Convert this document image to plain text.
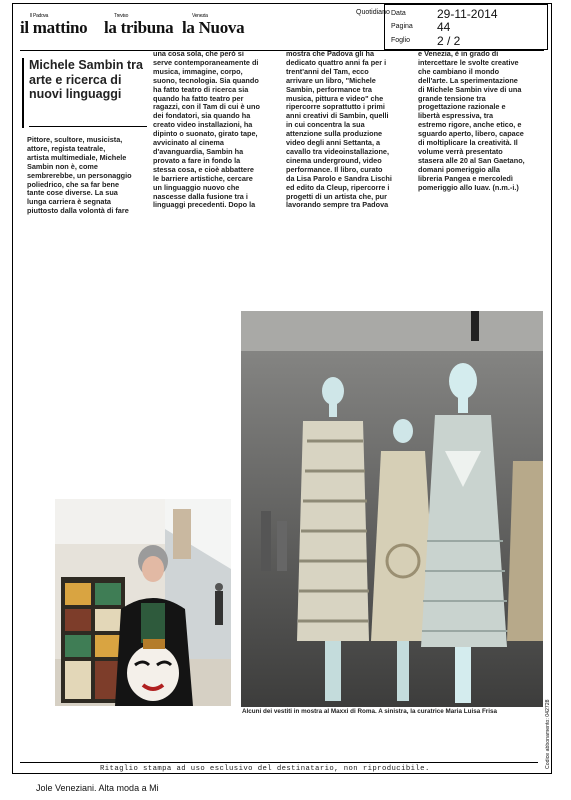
Il Padova
il mattino
Treviso
la tribuna
Venezia
la Nuova
Quotidiano Data	29-11-2014
Pagina 44
Foglio 2 / 2
Michele Sambin tra arte e ricerca di nuovi linguaggi

Pittore, scultore, musicista,
attore, regista teatrale,
artista multimediale, Michele
Sambin non è, come
sembrerebbe, un personaggio
poliedrico, che sa far bene
tante cose diverse. La sua
lunga carriera è segnata
piuttosto dalla volontà di fare

una cosa sola, che però si
serve contemporaneamente di
musica, immagine, corpo,
suono, tecnologia. Sia quando
ha fatto teatro di ricerca sia
quando ha fatto teatro per
ragazzi, con il Tam di cui è uno
dei fondatori, sia quando ha
creato video installazioni, ha
dipinto o suonato, girato tape,
avvicinato al cinema
d'avanguardia, Sambin ha
provato a fare in fondo la
stessa cosa, e cioè abbattere
le barriere artistiche, cercare
un linguaggio nuovo che
nascesse dalla fusione tra i
linguaggi precedenti. Dopo la

mostra che Padova gli ha
dedicato quattro anni fa per i
trent'anni del Tam, ecco
arrivare un libro, "Michele
Sambin, performance tra
musica, pittura e video" che
ripercorre soprattutto i primi
anni creativi di Sambin, quelli
in cui concentra la sua
attenzione sulla produzione
video degli anni Settanta, a
cavallo tra videoinstallazione,
cinema underground, video
performance. Il libro, curato
da Lisa Parolo e Sandra Lischi
ed edito da Cleup, ripercorre i
progetti di un artista che, pur
lavorando sempre tra Padova

e Venezia, è in grado di
intercettare le svolte creative
che cambiano il mondo
dell'arte. La sperimentazione
di Michele Sambin vive di una
grande tensione tra
progettazione razionale e
libertà espressiva, tra
estremo rigore, anche etico, e
sguardo aperto, libero, capace
di moltiplicare la creatività. Il
volume verrà presentato
stasera alle 20 al San Gaetano,
domani pomeriggio alla
libreria Pangea e mercoledì
pomeriggio allo Iuav. (n.m.-i.)

Alcuni dei vestiti in mostra al Maxxi di Roma. A sinistra, la curatrice Maria Luisa Frisa	Codice abbonamento: 042728
Ritaglio stampa ad uso esclusivo del destinatario, non riproducibile.
Jole Veneziani. Alta moda a Mi
